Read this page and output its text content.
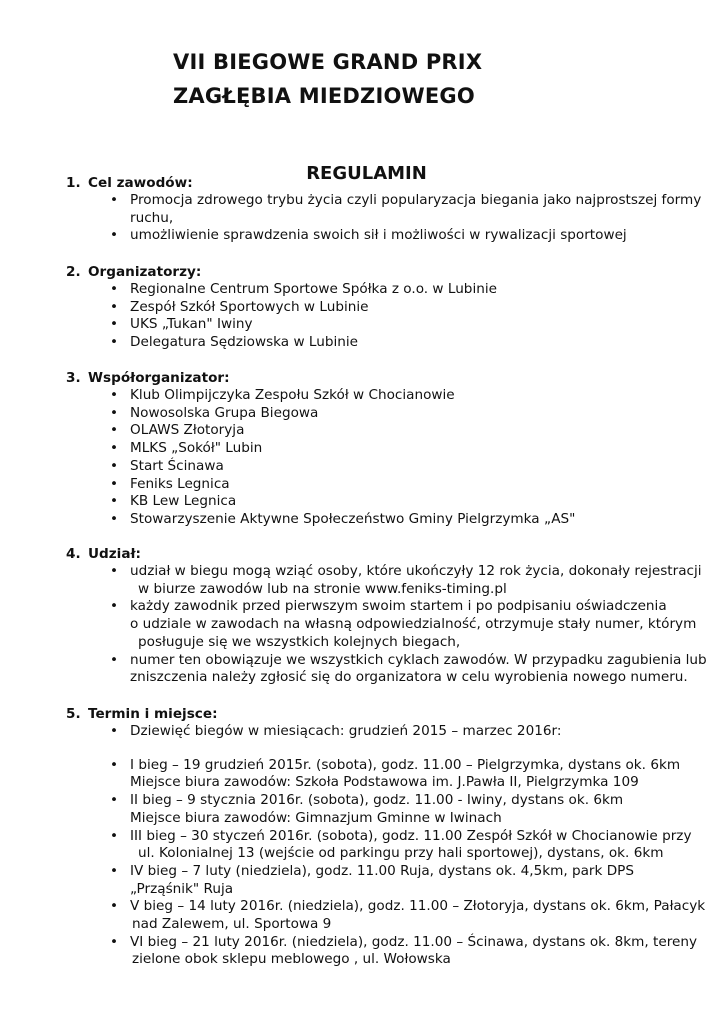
VII BIEGOWE GRAND PRIX
ZAGŁĘBIA MIEDZIOWEGO
REGULAMIN
1. Cel zawodów:
• Promocja zdrowego trybu życia czyli popularyzacja biegania jako najprostszej formy
ruchu,
• umożliwienie sprawdzenia swoich sił i możliwości w rywalizacji sportowej
2. Organizatorzy:
• Regionalne Centrum Sportowe Spółka z o.o. w Lubinie
• Zespół Szkół Sportowych w Lubinie
• UKS „Tukan" Iwiny
• Delegatura Sędziowska w Lubinie
3. Współorganizator:
• Klub Olimpijczyka Zespołu Szkół w Chocianowie
• Nowosolska Grupa Biegowa
• OLAWS Złotoryja
• MLKS „Sokół" Lubin
• Start Ścinawa
• Feniks Legnica
• KB Lew Legnica
• Stowarzyszenie Aktywne Społeczeństwo Gminy Pielgrzymka „AS"
4. Udział:
• udział w biegu mogą wziąć osoby, które ukończyły 12 rok życia, dokonały rejestracji
w biurze zawodów lub na stronie www.feniks-timing.pl
• każdy zawodnik przed pierwszym swoim startem i po podpisaniu oświadczenia
o udziale w zawodach na własną odpowiedzialność, otrzymuje stały numer, którym
posługuje się we wszystkich kolejnych biegach,
• numer ten obowiązuje we wszystkich cyklach zawodów. W przypadku zagubienia lub
zniszczenia należy zgłosić się do organizatora w celu wyrobienia nowego numeru.
5. Termin i miejsce:
• Dziewięć biegów w miesiącach: grudzień 2015 – marzec 2016r:
• I bieg – 19 grudzień 2015r. (sobota), godz. 11.00 – Pielgrzymka, dystans ok. 6km
Miejsce biura zawodów: Szkoła Podstawowa im. J.Pawła II, Pielgrzymka 109
• II bieg – 9 stycznia 2016r. (sobota), godz. 11.00 - Iwiny, dystans ok. 6km
Miejsce biura zawodów: Gimnazjum Gminne w Iwinach
• III bieg – 30 styczeń 2016r. (sobota), godz. 11.00 Zespół Szkół w Chocianowie przy
ul. Kolonialnej 13 (wejście od parkingu przy hali sportowej), dystans, ok. 6km
• IV bieg – 7 luty (niedziela), godz. 11.00 Ruja, dystans ok. 4,5km, park DPS
„Prząśnik" Ruja
• V bieg – 14 luty 2016r. (niedziela), godz. 11.00 – Złotoryja, dystans ok. 6km, Pałacyk
nad Zalewem, ul. Sportowa 9
• VI bieg – 21 luty 2016r. (niedziela), godz. 11.00 – Ścinawa, dystans ok. 8km, tereny
zielone obok sklepu meblowego , ul. Wołowska
